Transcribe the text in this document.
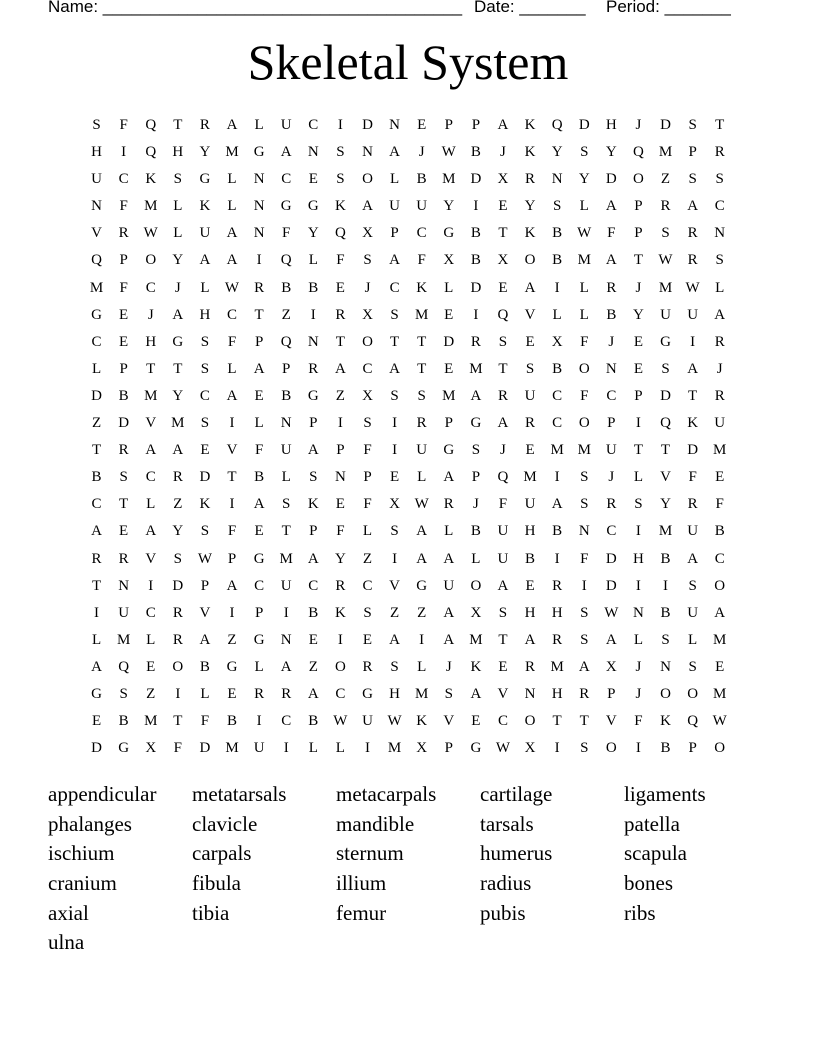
Name: ______________________________________ Date: _______ Period: _______
Skeletal System
S	F	Q	T	R	A	L	U	C	I	D	N	E	P	P	A	K	Q	D	H	J	D	S	T
H	I	Q	H	Y	M	G	A	N	S	N	A	J	W	B	J	K	Y	S	Y	Q	M	P	R
U	C	K	S	G	L	N	C	E	S	O	L	B	M	D	X	R	N	Y	D	O	Z	S	S
N	F	M	L	K	L	N	G	G	K	A	U	U	Y	I	E	Y	S	L	A	P	R	A	C
V	R	W	L	U	A	N	F	Y	Q	X	P	C	G	B	T	K	B	W	F	P	S	R	N
Q	P	O	Y	A	A	I	Q	L	F	S	A	F	X	B	X	O	B	M	A	T	W	R	S
M	F	C	J	L	W	R	B	B	E	J	C	K	L	D	E	A	I	L	R	J	M W	L
G	E	J	A	H	C	T	Z	I	R	X	S	M	E	I	Q	V	L	L	B	Y	U	U	A
C	E	H	G	S	F	P	Q	N	T	O	T	T	D	R	S	E	X	F	J	E	G	I	R
L	P	T	T	S	L	A	P	R	A	C	A	T	E	M	T	S	B	O	N	E	S	A	J
D	B	M	Y	C	A	E	B	G	Z	X	S	S	M	A	R	U	C	F	C	P	D	T	R
Z	D	V	M	S	I	L	N	P	I	S	I	R	P	G	A	R	C	O	P	I	Q	K	U
T	R	A	A	E	V	F	U	A	P	F	I	U	G	S	J	E	M M	U	T	T	D	M
B	S	C	R	D	T	B	L	S	N	P	E	L	A	P	Q	M	I	S	J	L	V	F	E
C	T	L	Z	K	I	A	S	K	E	F	X W	R	J	F	U	A	S	R	S	Y	R	F
A	E	A	Y	S	F	E	T	P	F	L	S	A	L	B	U	H	B	N	C	I	M	U	B
R	R	V	S	W	P	G	M	A	Y	Z	I	A	A	L	U	B	I	F	D	H	B	A	C
T	N	I	D	P	A	C	U	C	R	C	V	G	U	O	A	E	R	I	D	I	I	S	O
I	U	C	R	V	I	P	I	B	K	S	Z	Z	A	X	S	H	H	S	W N	B	U	A
L	M	L	R	A	Z	G	N	E	I	E	A	I	A	M	T	A	R	S	A	L	S	L	M
A	Q	E	O	B	G	L	A	Z	O	R	S	L	J	K	E	R	M	A	X	J	N	S	E
G	S	Z	I	L	E	R	R	A	C	G	H	M	S	A	V	N	H	R	P	J	O	O	M
E	B	M	T	F	B	I	C	B	W U W K	V	E	C	O	T	T	V	F	K	Q W
D	G	X	F	D	M	U	I	L	L	I	M	X	P	G W X	I	S	O	I	B	P	O
appendicular	metatarsals	metacarpals	cartilage	ligaments
phalanges	clavicle	mandible	tarsals	patella
ischium	carpals	sternum	humerus	scapula
cranium	fibula	illium	radius	bones
axial	tibia	femur	pubis	ribs
ulna
